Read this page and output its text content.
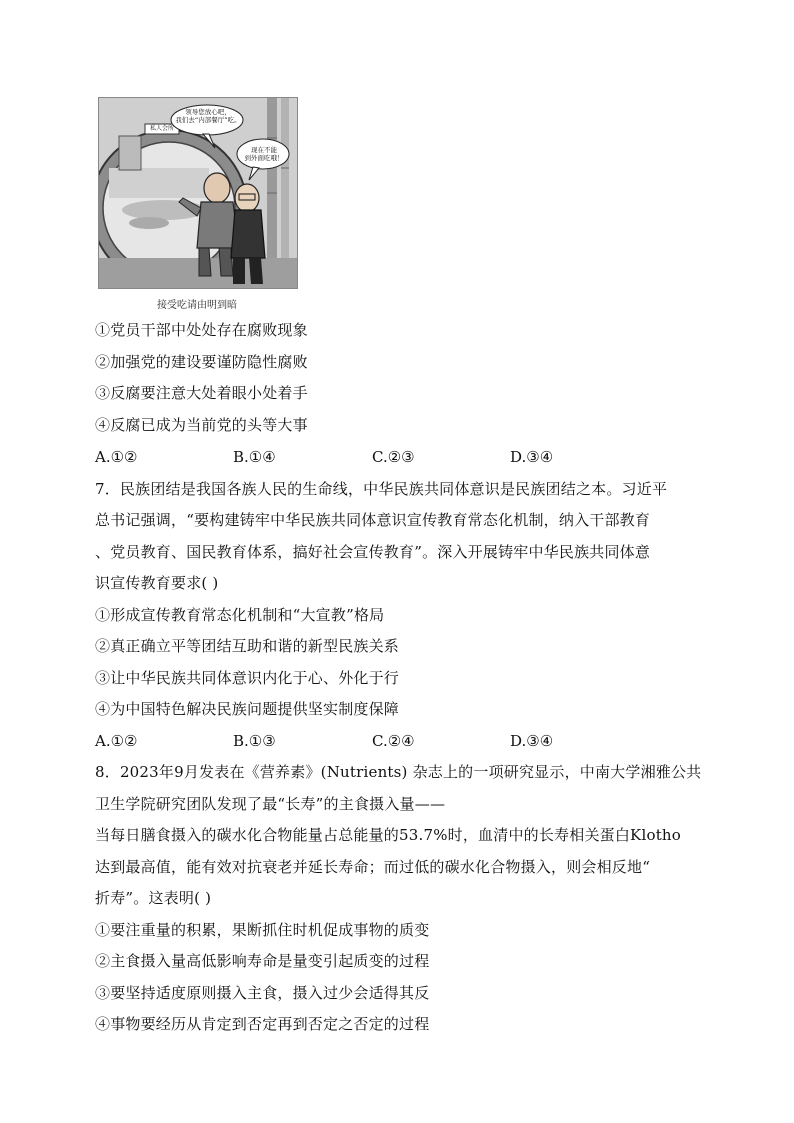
领导您放心吧，
我们去“内部餐厅”吃。
现在不能
到外面吃哦！
私人会所
接受吃请由明到暗
①党员干部中处处存在腐败现象
②加强党的建设要谨防隐性腐败
③反腐要注意大处着眼小处着手
④反腐已成为当前党的头等大事
A.①②	B.①④	C.②③	D.③④
7．民族团结是我国各族人民的生命线，中华民族共同体意识是民族团结之本。习近平
总书记强调，“要构建铸牢中华民族共同体意识宣传教育常态化机制，纳入干部教育
、党员教育、国民教育体系，搞好社会宣传教育”。深入开展铸牢中华民族共同体意
识宣传教育要求( )
①形成宣传教育常态化机制和“大宣教”格局
②真正确立平等团结互助和谐的新型民族关系
③让中华民族共同体意识内化于心、外化于行
④为中国特色解决民族问题提供坚实制度保障
A.①②	B.①③	C.②④	D.③④
8．2023年9月发表在《营养素》(Nutrients) 杂志上的一项研究显示，中南大学湘雅公共
卫生学院研究团队发现了最“长寿”的主食摄入量——
当每日膳食摄入的碳水化合物能量占总能量的53.7%时，血清中的长寿相关蛋白Klotho
达到最高值，能有效对抗衰老并延长寿命；而过低的碳水化合物摄入，则会相反地“
折寿”。这表明( )
①要注重量的积累，果断抓住时机促成事物的质变
②主食摄入量高低影响寿命是量变引起质变的过程
③要坚持适度原则摄入主食，摄入过少会适得其反
④事物要经历从肯定到否定再到否定之否定的过程
